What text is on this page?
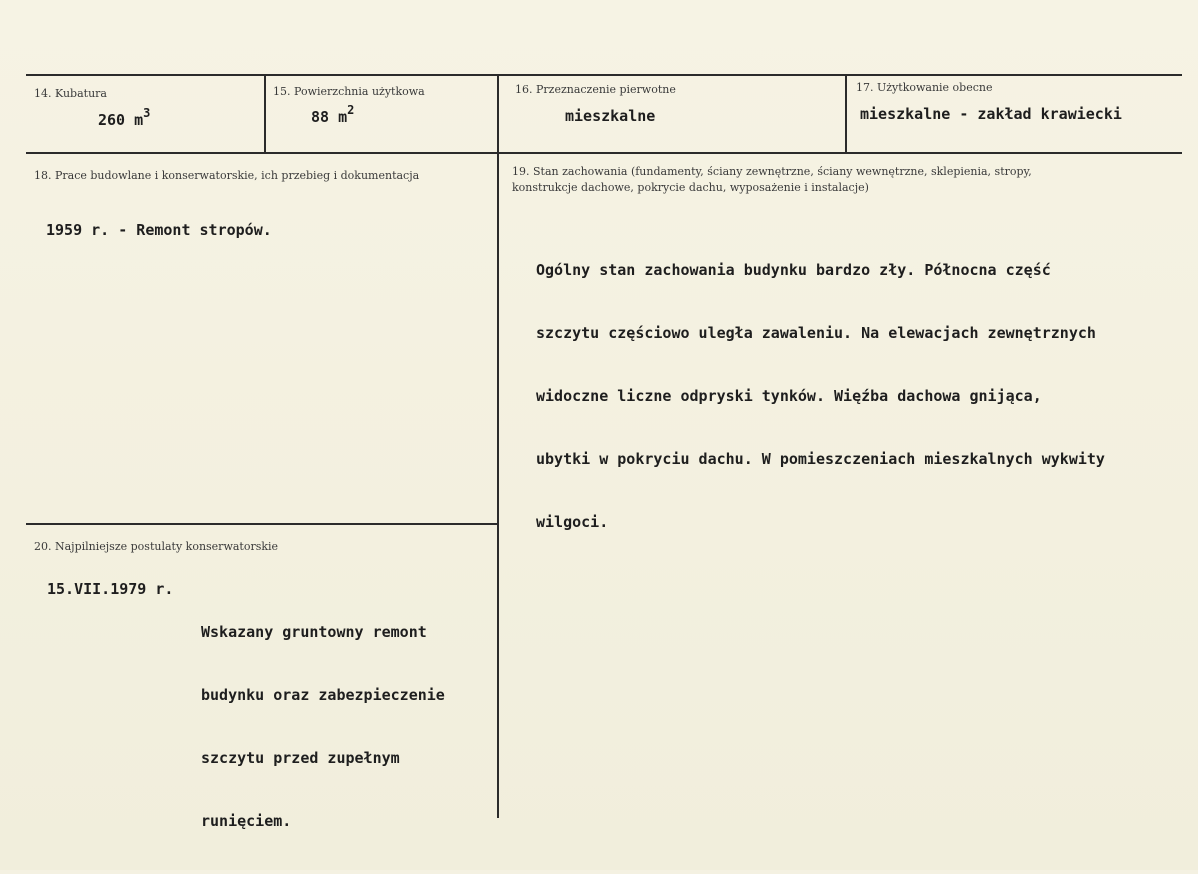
14. Kubatura
260 $m^3$
15. Powierzchnia użytkowa
88 $m^2$
16. Przeznaczenie pierwotne
mieszkalne
17. Użytkowanie obecne
mieszkalne - zakład krawiecki
18. Prace budowlane i konserwatorskie, ich przebieg i dokumentacja
1959 r. - Remont stropów.
19. Stan zachowania (fundamenty, ściany zewnętrzne, ściany wewnętrzne, sklepienia, stropy,
konstrukcje dachowe, pokrycie dachu, wyposażenie i instalacje)

Ogólny stan zachowania budynku bardzo zły. Północna część

szczytu częściowo uległa zawaleniu. Na elewacjach zewnętrznych

widoczne liczne odpryski tynków. Więźba dachowa gnijąca,

ubytki w pokryciu dachu. W pomieszczeniach mieszkalnych wykwity

wilgoci.

20. Najpilniejsze postulaty konserwatorskie
15.VII.1979 r.

Wskazany gruntowny remont

budynku oraz zabezpieczenie

szczytu przed zupełnym

runięciem.
